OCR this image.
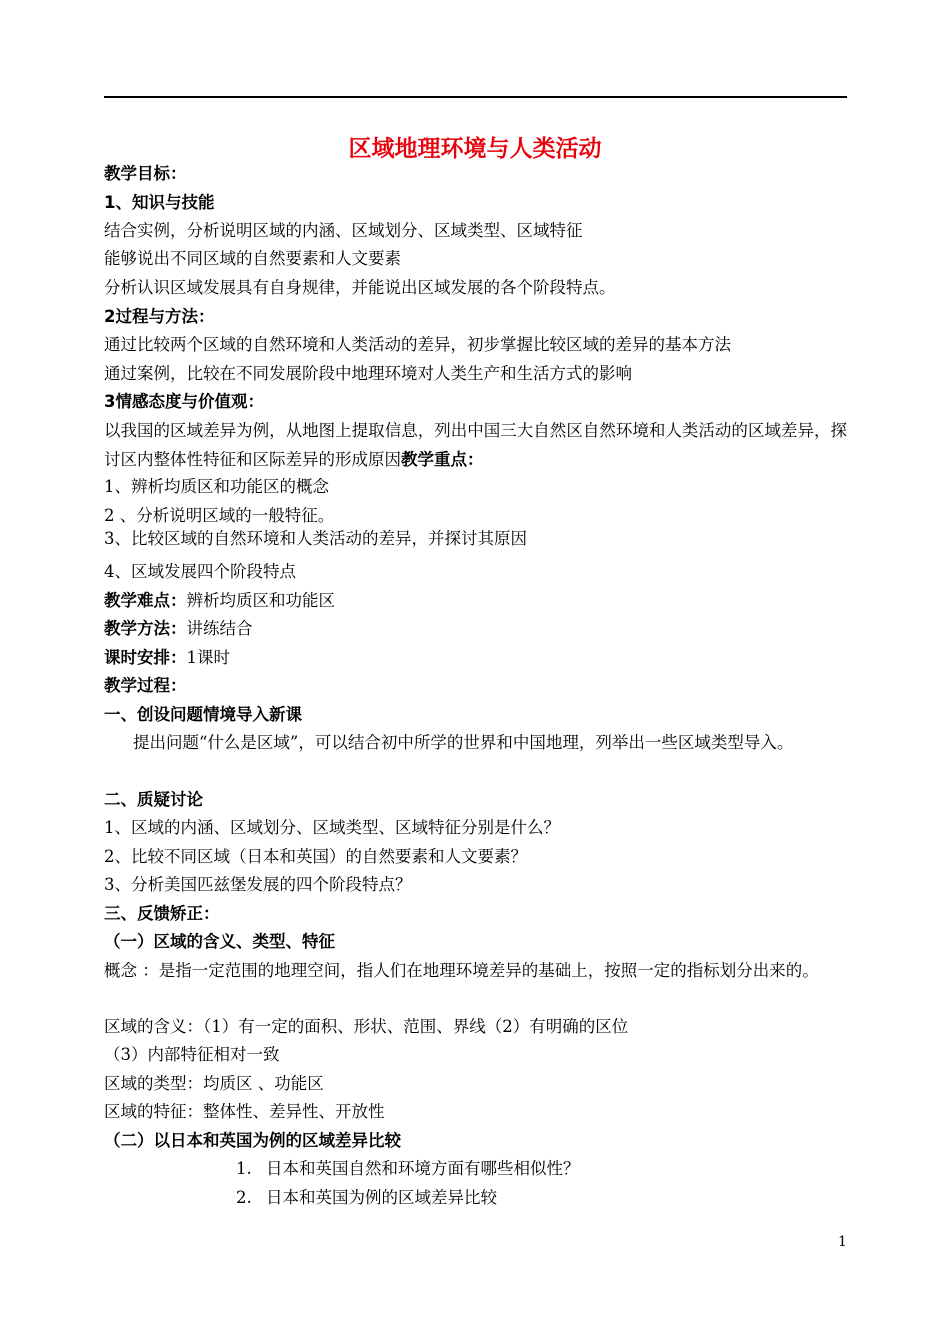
区域地理环境与人类活动
教学目标：
1、知识与技能
结合实例，分析说明区域的内涵、区域划分、区域类型、区域特征
能够说出不同区域的自然要素和人文要素
分析认识区域发展具有自身规律，并能说出区域发展的各个阶段特点。
2过程与方法：
通过比较两个区域的自然环境和人类活动的差异，初步掌握比较区域的差异的基本方法
通过案例，比较在不同发展阶段中地理环境对人类生产和生活方式的影响
3情感态度与价值观：
以我国的区域差异为例，从地图上提取信息，列出中国三大自然区自然环境和人类活动的区域差异，探讨区内整体性特征和区际差异的形成原因教学重点：
1、辨析均质区和功能区的概念
2 、分析说明区域的一般特征。
3、比较区域的自然环境和人类活动的差异，并探讨其原因
4、区域发展四个阶段特点
教学难点：辨析均质区和功能区
教学方法：讲练结合
课时安排：1课时
教学过程：
一、创设问题情境导入新课
提出问题“什么是区域”，可以结合初中所学的世界和中国地理，列举出一些区域类型导入。
二、质疑讨论
1、区域的内涵、区域划分、区域类型、区域特征分别是什么？
2、比较不同区域（日本和英国）的自然要素和人文要素？
3、分析美国匹兹堡发展的四个阶段特点？
三、反馈矫正：
（一）区域的含义、类型、特征
概念 ：是指一定范围的地理空间，指人们在地理环境差异的基础上，按照一定的指标划分出来的。
区域的含义：（1）有一定的面积、形状、范围、界线（2）有明确的区位
（3）内部特征相对一致
区域的类型：均质区 、功能区
区域的特征：整体性、差异性、开放性
（二）以日本和英国为例的区域差异比较
1. 日本和英国自然和环境方面有哪些相似性？
2. 日本和英国为例的区域差异比较
1
